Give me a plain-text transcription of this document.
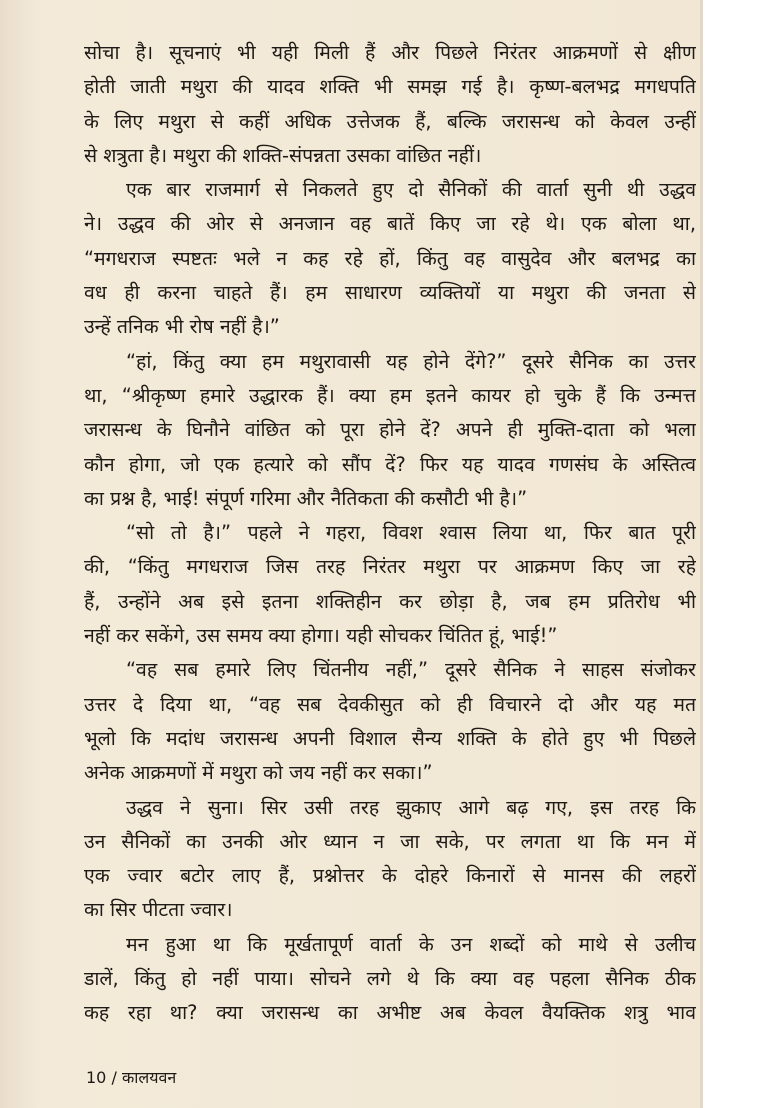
सोचा है। सूचनाएं भी यही मिली हैं और पिछले निरंतर आक्रमणों से क्षीण
होती जाती मथुरा की यादव शक्ति भी समझ गई है। कृष्ण-बलभद्र मगधपति
के लिए मथुरा से कहीं अधिक उत्तेजक हैं, बल्कि जरासन्ध को केवल उन्हीं
से शत्रुता है। मथुरा की शक्ति-संपन्नता उसका वांछित नहीं।
एक बार राजमार्ग से निकलते हुए दो सैनिकों की वार्ता सुनी थी उद्धव
ने। उद्धव की ओर से अनजान वह बातें किए जा रहे थे। एक बोला था,
“मगधराज स्पष्टतः भले न कह रहे हों, किंतु वह वासुदेव और बलभद्र का
वध ही करना चाहते हैं। हम साधारण व्यक्तियों या मथुरा की जनता से
उन्हें तनिक भी रोष नहीं है।”
“हां, किंतु क्या हम मथुरावासी यह होने देंगे?” दूसरे सैनिक का उत्तर
था, “श्रीकृष्ण हमारे उद्धारक हैं। क्या हम इतने कायर हो चुके हैं कि उन्मत्त
जरासन्ध के घिनौने वांछित को पूरा होने दें? अपने ही मुक्ति-दाता को भला
कौन होगा, जो एक हत्यारे को सौंप दें? फिर यह यादव गणसंघ के अस्तित्व
का प्रश्न है, भाई! संपूर्ण गरिमा और नैतिकता की कसौटी भी है।”
“सो तो है।” पहले ने गहरा, विवश श्वास लिया था, फिर बात पूरी
की, “किंतु मगधराज जिस तरह निरंतर मथुरा पर आक्रमण किए जा रहे
हैं, उन्होंने अब इसे इतना शक्तिहीन कर छोड़ा है, जब हम प्रतिरोध भी
नहीं कर सकेंगे, उस समय क्या होगा। यही सोचकर चिंतित हूं, भाई!”
“वह सब हमारे लिए चिंतनीय नहीं,” दूसरे सैनिक ने साहस संजोकर
उत्तर दे दिया था, “वह सब देवकीसुत को ही विचारने दो और यह मत
भूलो कि मदांध जरासन्ध अपनी विशाल सैन्य शक्ति के होते हुए भी पिछले
अनेक आक्रमणों में मथुरा को जय नहीं कर सका।”
उद्धव ने सुना। सिर उसी तरह झुकाए आगे बढ़ गए, इस तरह कि
उन सैनिकों का उनकी ओर ध्यान न जा सके, पर लगता था कि मन में
एक ज्वार बटोर लाए हैं, प्रश्नोत्तर के दोहरे किनारों से मानस की लहरों
का सिर पीटता ज्वार।
मन हुआ था कि मूर्खतापूर्ण वार्ता के उन शब्दों को माथे से उलीच
डालें, किंतु हो नहीं पाया। सोचने लगे थे कि क्या वह पहला सैनिक ठीक
कह रहा था? क्या जरासन्ध का अभीष्ट अब केवल वैयक्तिक शत्रु भाव
10 / कालयवन
